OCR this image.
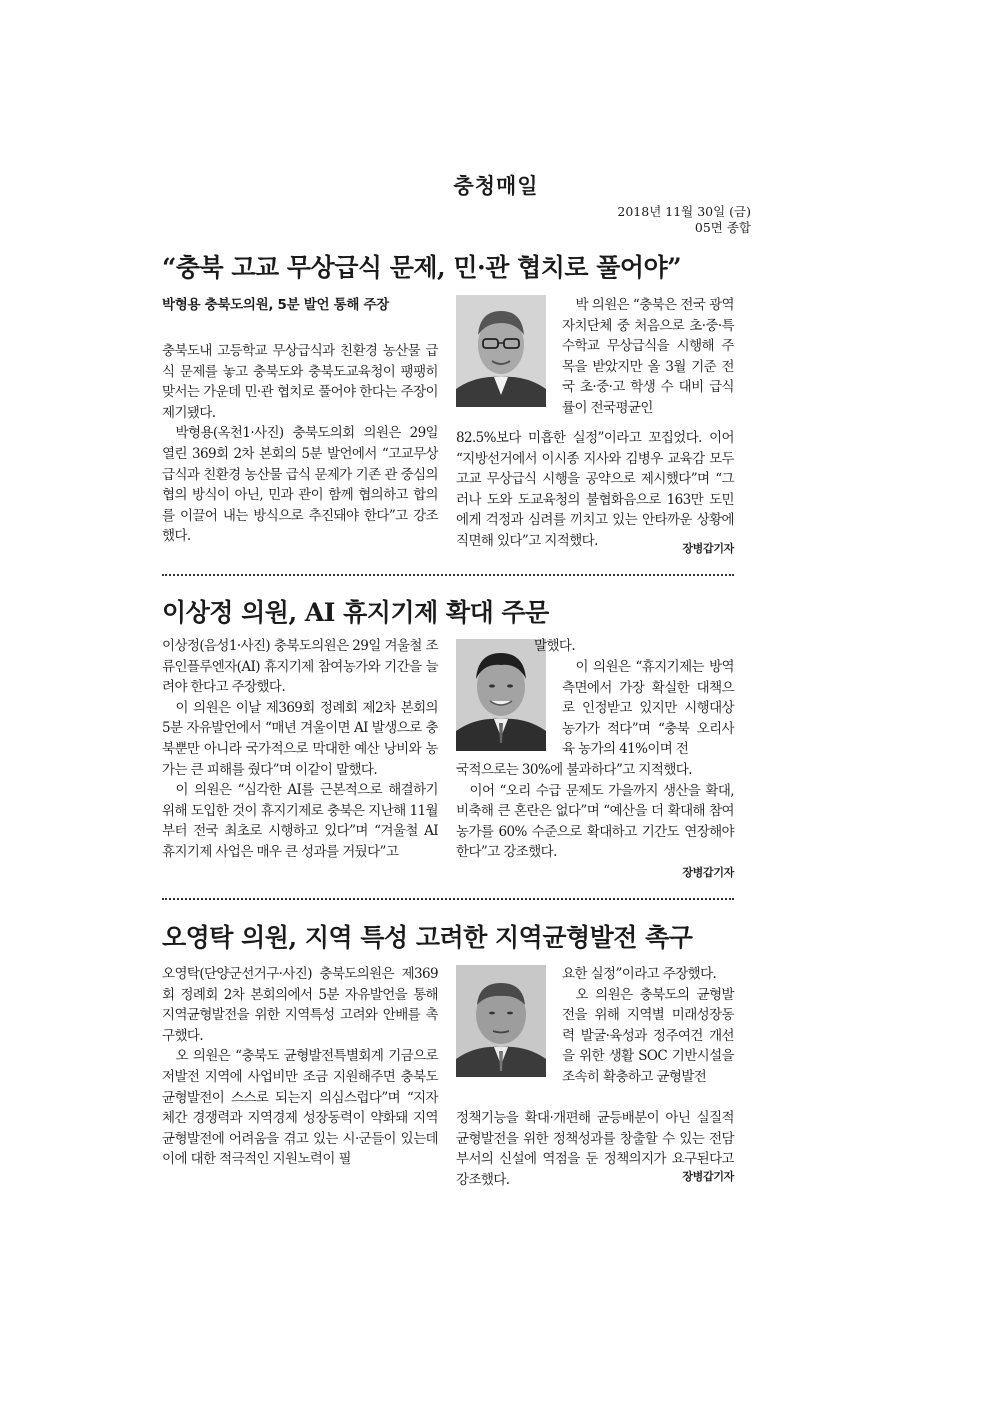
충청매일
2018년 11월 30일 (금)
05면 종합
“충북 고교 무상급식 문제, 민·관 협치로 풀어야”
박형용 충북도의원, 5분 발언 통해 주장

충북도내 고등학교 무상급식과 친환경 농산물 급식 문제를 놓고 충북도와 충북도교육청이 팽팽히 맞서는 가운데 민·관 협치로 풀어야 한다는 주장이 제기됐다.

박형용(옥천1·사진) 충북도의회 의원은 29일 열린 369회 2차 본회의 5분 발언에서 “고교무상급식과 친환경 농산물 급식 문제가 기존 관 중심의 협의 방식이 아닌, 민과 관이 함께 협의하고 합의를 이끌어 내는 방식으로 추진돼야 한다”고 강조했다.

박 의원은 “충북은 전국 광역자치단체 중 처음으로 초·중·특수학교 무상급식을 시행해 주목을 받았지만 올 3월 기준 전국 초·중·고 학생 수 대비 급식률이 전국평균인

82.5%보다 미흡한 실정”이라고 꼬집었다. 이어 “지방선거에서 이시종 지사와 김병우 교육감 모두 고교 무상급식 시행을 공약으로 제시했다”며 “그러나 도와 도교육청의 불협화음으로 163만 도민에게 걱정과 심려를 끼치고 있는 안타까운 상황에 직면해 있다”고 지적했다.	장병갑기자
이상정 의원, AI 휴지기제 확대 주문

이상정(음성1·사진) 충북도의원은 29일 겨울철 조류인플루엔자(AI) 휴지기제 참여농가와 기간을 늘려야 한다고 주장했다.

이 의원은 이날 제369회 정례회 제2차 본회의 5분 자유발언에서 “매년 겨울이면 AI 발생으로 충북뿐만 아니라 국가적으로 막대한 예산 낭비와 농가는 큰 피해를 줬다”며 이같이 말했다.

이 의원은 “심각한 AI를 근본적으로 해결하기 위해 도입한 것이 휴지기제로 충북은 지난해 11월부터 전국 최초로 시행하고 있다”며 “겨울철 AI 휴지기제 사업은 매우 큰 성과를 거뒀다”고

말했다.

이 의원은 “휴지기제는 방역 측면에서 가장 확실한 대책으로 인정받고 있지만 시행대상 농가가 적다”며 “충북 오리사육 농가의 41%이며 전

국적으로는 30%에 불과하다”고 지적했다.

이어 “오리 수급 문제도 가을까지 생산을 확대, 비축해 큰 혼란은 없다”며 “예산을 더 확대해 참여 농가를 60% 수준으로 확대하고 기간도 연장해야 한다”고 강조했다.

장병갑기자
오영탁 의원, 지역 특성 고려한 지역균형발전 촉구

오영탁(단양군선거구·사진) 충북도의원은 제369회 정례회 2차 본회의에서 5분 자유발언을 통해 지역균형발전을 위한 지역특성 고려와 안배를 촉구했다.

오 의원은 “충북도 균형발전특별회계 기금으로 저발전 지역에 사업비만 조금 지원해주면 충북도 균형발전이 스스로 되는지 의심스럽다”며 “지자체간 경쟁력과 지역경제 성장동력이 약화돼 지역균형발전에 어려움을 겪고 있는 시·군들이 있는데 이에 대한 적극적인 지원노력이 필

요한 실정”이라고 주장했다.

오 의원은 충북도의 균형발전을 위해 지역별 미래성장동력 발굴·육성과 정주여건 개선을 위한 생활 SOC 기반시설을 조속히 확충하고 균형발전

정책기능을 확대·개편해 균등배분이 아닌 실질적 균형발전을 위한 정책성과를 창출할 수 있는 전담부서의 신설에 역점을 둔 정책의지가 요구된다고 강조했다.	장병갑기자
